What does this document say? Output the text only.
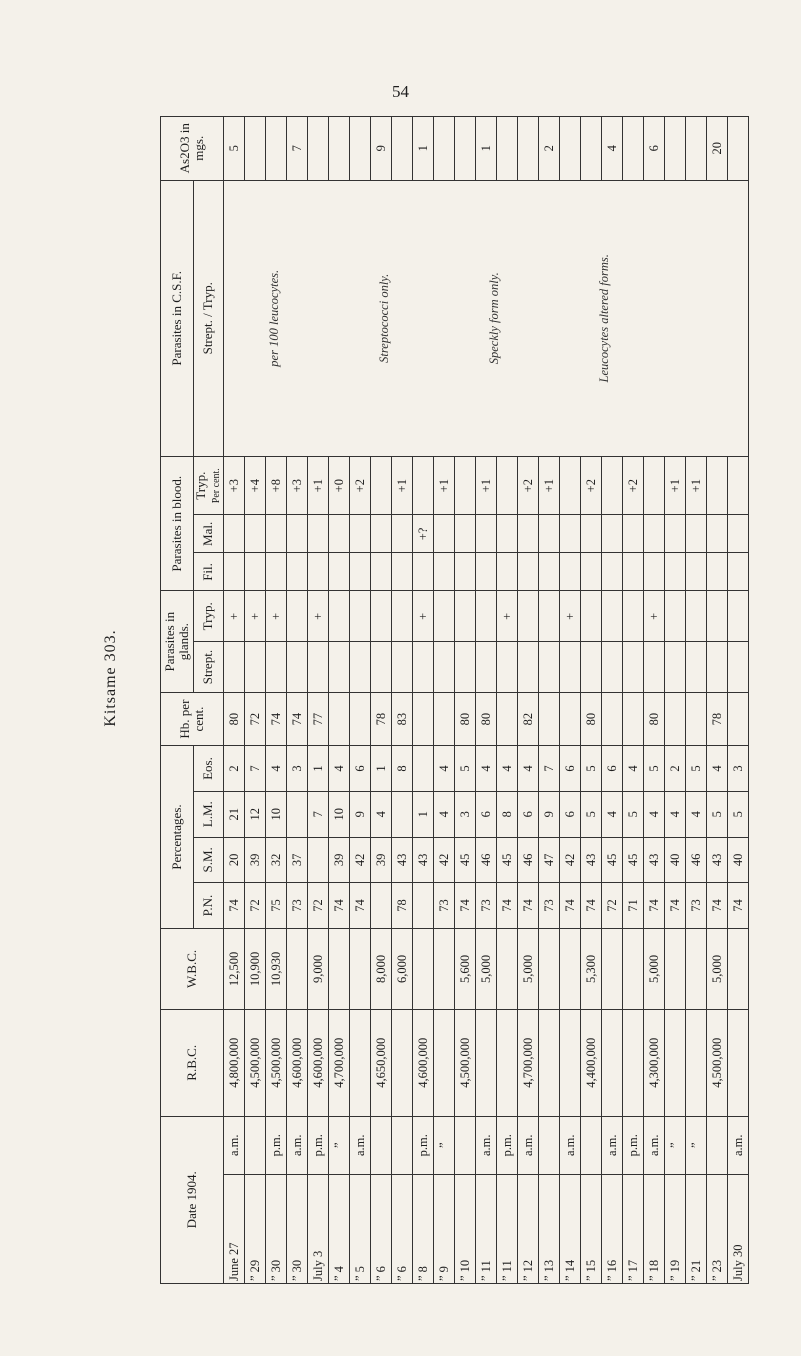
54
Kitsame 303.
Date 1904.		R.B.C.	W.B.C.	Percentages.				Hb. per cent.	Parasites in glands.		Parasites in blood.			Parasites in C.S.F.	As2O3 in mgs.
				P.N.	S.M.	L.M.	Eos.		Strept.	Tryp.	Fil.	Mal.	Tryp. Per cent.	Strept. / Tryp.	
June 27	a.m.	4,800,000	12,500	74	20	21	2	80		+			+3	per 100 leucocytes. Streptococci only. Speckly form only. Leucocytes altered forms.	5
” 29		4,500,000	10,900	72	39	12	7	72		+			+4		
” 30	p.m.	4,500,000	10,930	75	32	10	4	74		+			+8		
” 30	a.m.	4,600,000		73	37		3	74					+3		7
July 3	p.m.	4,600,000	9,000	72		7	1	77		+			+1		
” 4	”	4,700,000		74	39	10	4						+0		
” 5	a.m.			74	42	9	6						+2		
” 6		4,650,000	8,000		39	4	1	78							9
” 6			6,000	78	43		8	83					+1		
” 8	p.m.	4,600,000			43	1				+		+?			1
” 9	”			73	42	4	4						+1		
” 10		4,500,000	5,600	74	45	3	5	80							
” 11	a.m.		5,000	73	46	6	4	80					+1		1
” 11	p.m.			74	45	8	4			+					
” 12	a.m.	4,700,000	5,000	74	46	6	4	82					+2		
” 13				73	47	9	7						+1		2
” 14	a.m.			74	42	6	6			+					
” 15		4,400,000	5,300	74	43	5	5	80					+2		
” 16	a.m.			72	45	4	6								4
” 17	p.m.			71	45	5	4						+2		
” 18	a.m.	4,300,000	5,000	74	43	4	5	80		+					6
” 19	”			74	40	4	2						+1		
” 21	”			73	46	4	5						+1		
” 23		4,500,000	5,000	74	43	5	4	78							20
July 30	a.m.			74	40	5	3								
